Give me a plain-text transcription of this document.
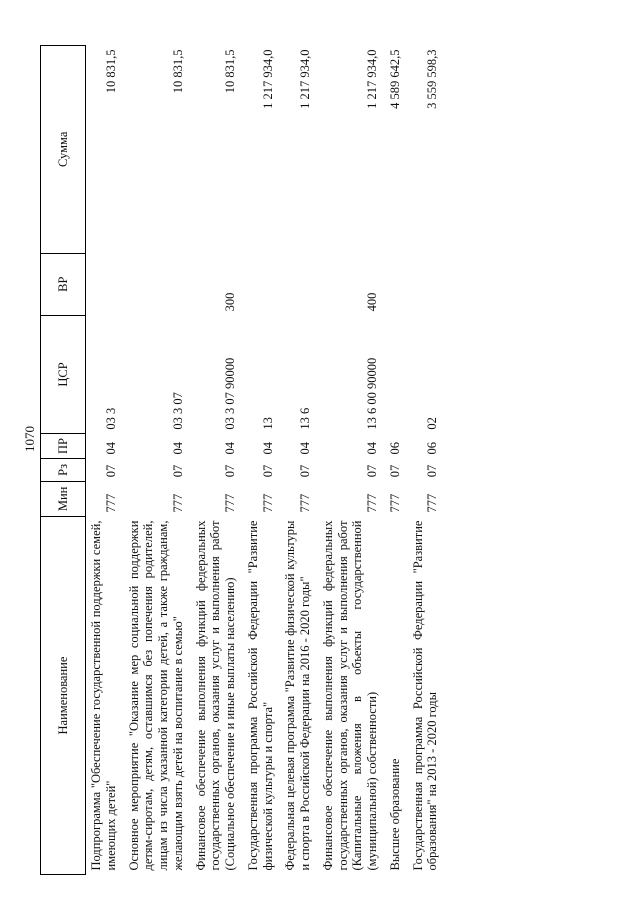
1070
Наименование	Мин	Рз	ПР	ЦСР	ВР	Сумма
Подпрограмма "Обеспечение государственной поддержки семей, имеющих детей"	777	07	04	03 3		10 831,5
Основное мероприятие "Оказание мер социальной поддержки детям-сиротам, детям, оставшимся без попечения родителей, лицам из числа указанной категории детей, а также гражданам, желающим взять детей на воспитание в семью"	777	07	04	03 3 07		10 831,5
Финансовое обеспечение выполнения функций федеральных государственных органов, оказания услуг и выполнения работ (Социальное обеспечение и иные выплаты населению)	777	07	04	03 3 07 90000	300	10 831,5
Государственная программа Российской Федерации "Развитие физической культуры и спорта"	777	07	04	13		1 217 934,0
Федеральная целевая программа "Развитие физической культуры и спорта в Российской Федерации на 2016 - 2020 годы"	777	07	04	13 6		1 217 934,0
Финансовое обеспечение выполнения функций федеральных государственных органов, оказания услуг и выполнения работ (Капитальные вложения в объекты государственной (муниципальной) собственности)	777	07	04	13 6 00 90000	400	1 217 934,0
Высшее образование	777	07	06			4 589 642,5
Государственная программа Российской Федерации "Развитие образования" на 2013 - 2020 годы	777	07	06	02		3 559 598,3
